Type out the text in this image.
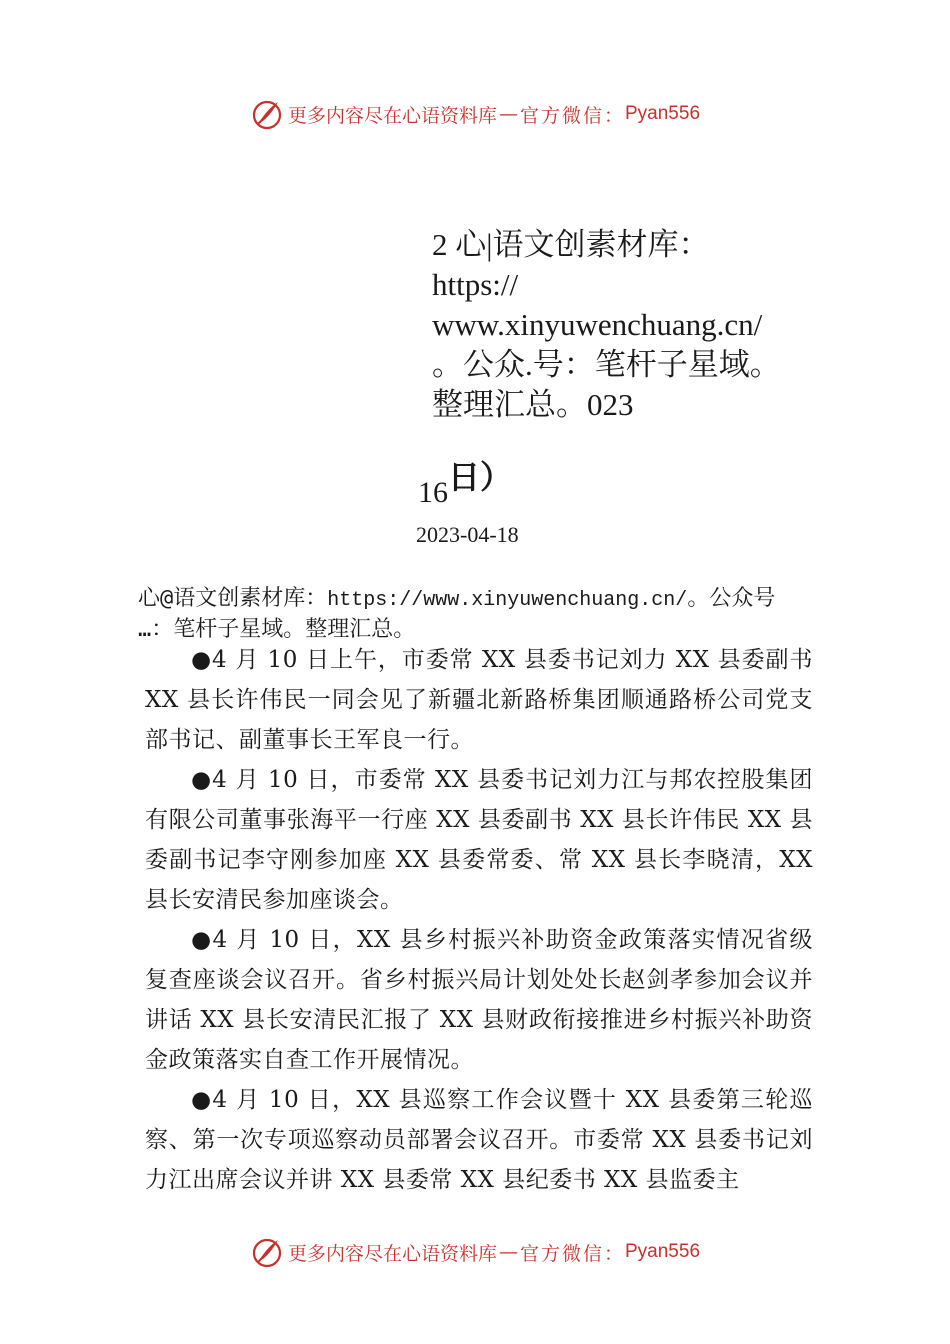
更多内容尽在心语资料库 — 官方微信： Pyan556
2 心|语文创素材库：
https://
www.xinyuwenchuang.cn/
。公众.号：笔杆子星域。
整理汇总。023
16日）
2023-04-18
心@语文创素材库：https://www.xinyuwenchuang.cn/。公众号
…：笔杆子星域。整理汇总。

●4 月 10 日上午，市委常 XX 县委书记刘力 XX 县委副书 XX 县长许伟民一同会见了新疆北新路桥集团顺通路桥公司党支部书记、副董事长王军良一行。

●4 月 10 日，市委常 XX 县委书记刘力江与邦农控股集团有限公司董事张海平一行座 XX 县委副书 XX 县长许伟民 XX 县委副书记李守刚参加座 XX 县委常委、常 XX 县长李晓清，XX 县长安清民参加座谈会。

●4 月 10 日，XX 县乡村振兴补助资金政策落实情况省级复查座谈会议召开。省乡村振兴局计划处处长赵剑孝参加会议并讲话 XX 县长安清民汇报了 XX 县财政衔接推进乡村振兴补助资金政策落实自查工作开展情况。

●4 月 10 日，XX 县巡察工作会议暨十 XX 县委第三轮巡察、第一次专项巡察动员部署会议召开。市委常 XX 县委书记刘力江出席会议并讲 XX 县委常 XX 县纪委书 XX 县监委主

更多内容尽在心语资料库 — 官方微信： Pyan556
